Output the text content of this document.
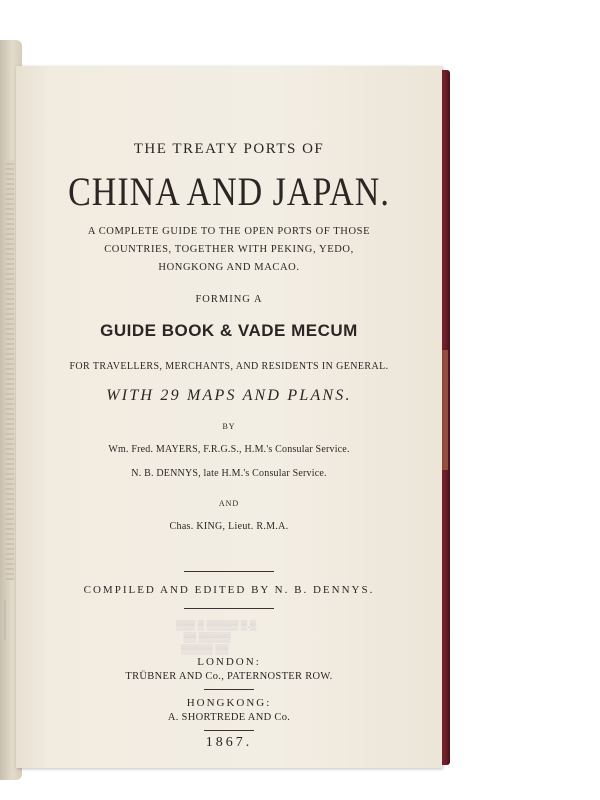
THE TREATY PORTS OF
CHINA AND JAPAN.
A COMPLETE GUIDE TO THE OPEN PORTS OF THOSE
COUNTRIES, TOGETHER WITH PEKING, YEDO,
HONGKONG AND MACAO.
FORMING A
GUIDE BOOK & VADE MECUM
FOR TRAVELLERS, MERCHANTS, AND RESIDENTS IN GENERAL.
WITH 29 MAPS AND PLANS.
BY
Wm. Fred. MAYERS, F.R.G.S., H.M.'s Consular Service.
N. B. DENNYS, late H.M.'s Consular Service.
AND
Chas. KING, Lieut. R.M.A.
COMPILED AND EDITED BY N. B. DENNYS.
▒▒▒ ▒ ▒▒▒▒▒ ▒.▒
▒▒ ▒▒▒▒▒
▒▒▒▒▒ ▒▒
LONDON:
TRÜBNER AND Co., PATERNOSTER ROW.
HONGKONG:
A. SHORTREDE AND Co.
1867.
